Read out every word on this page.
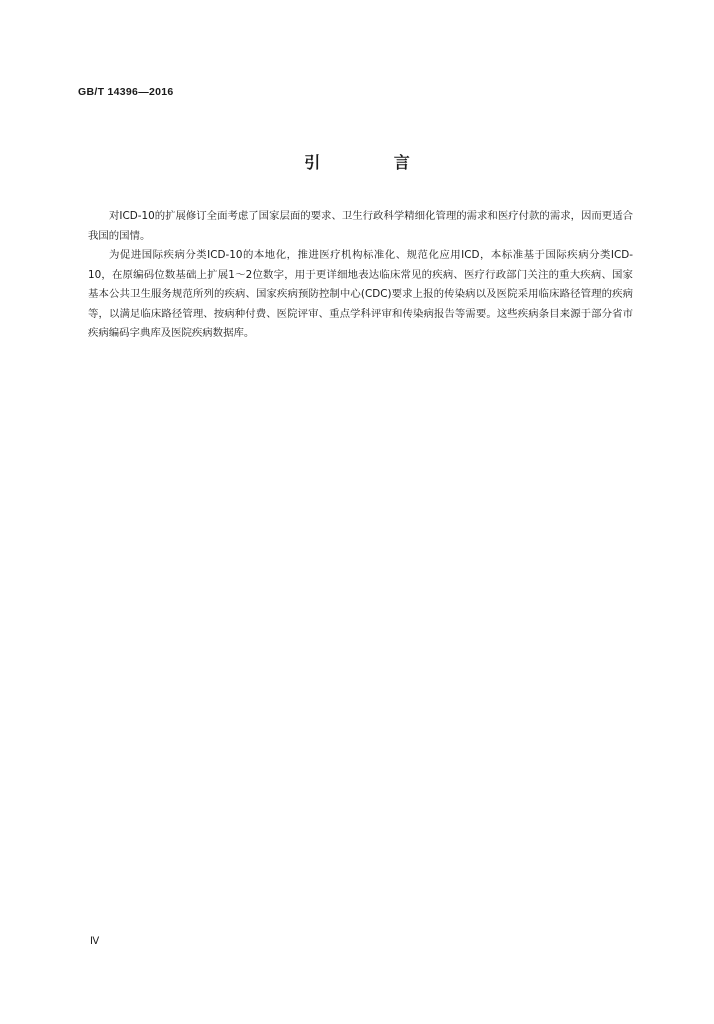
GB/T 14396—2016
引 言

对ICD-10的扩展修订全面考虑了国家层面的要求、卫生行政科学精细化管理的需求和医疗付款的需求，因而更适合我国的国情。

为促进国际疾病分类ICD-10的本地化，推进医疗机构标准化、规范化应用ICD，本标准基于国际疾病分类ICD-10，在原编码位数基础上扩展1～2位数字，用于更详细地表达临床常见的疾病、医疗行政部门关注的重大疾病、国家基本公共卫生服务规范所列的疾病、国家疾病预防控制中心(CDC)要求上报的传染病以及医院采用临床路径管理的疾病等，以满足临床路径管理、按病种付费、医院评审、重点学科评审和传染病报告等需要。这些疾病条目来源于部分省市疾病编码字典库及医院疾病数据库。

Ⅳ
